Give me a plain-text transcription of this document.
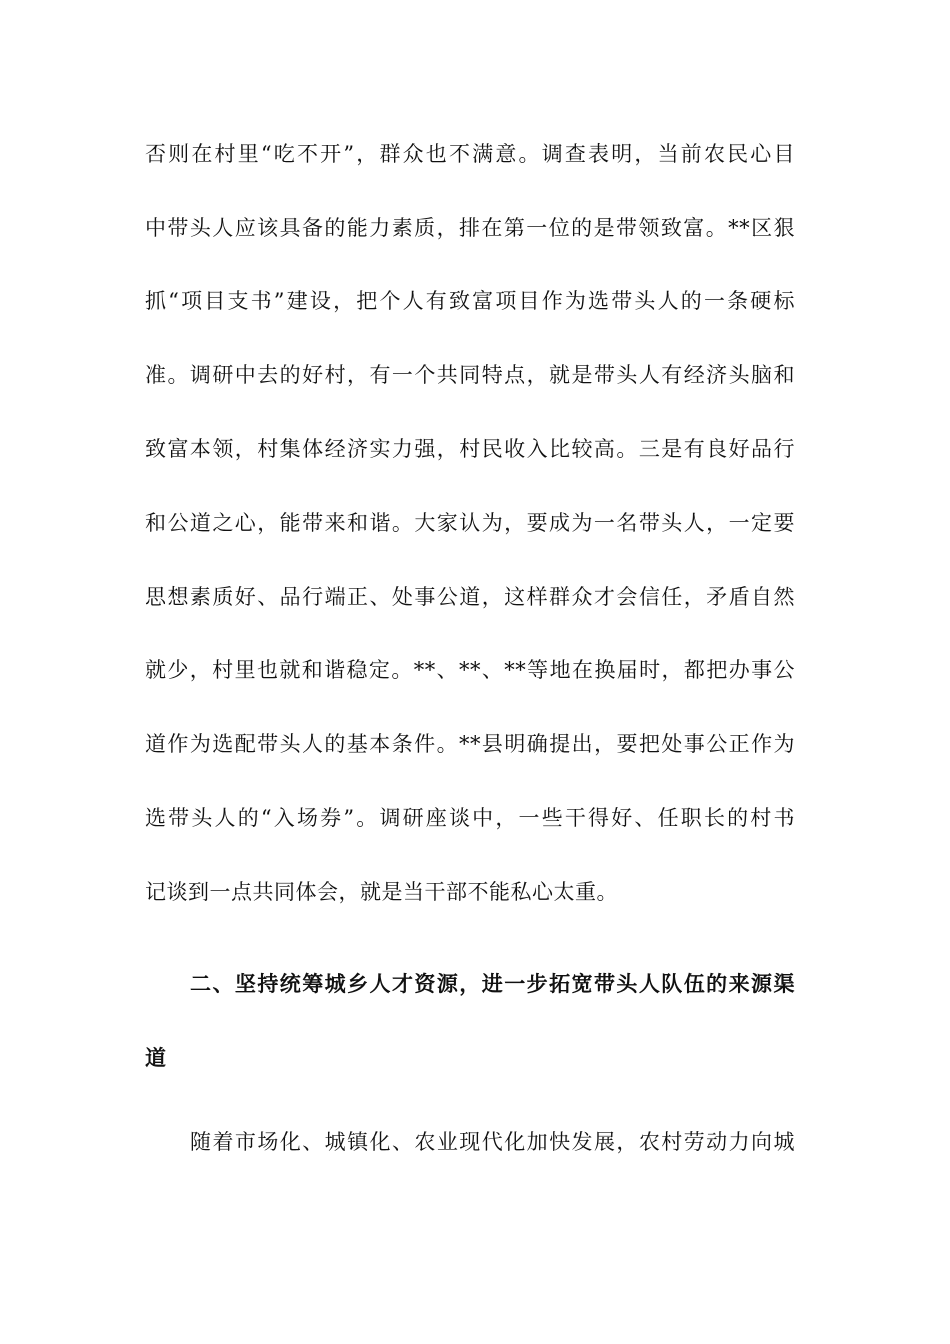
否则在村里“吃不开”，群众也不满意。调查表明，当前农民心目
中带头人应该具备的能力素质，排在第一位的是带领致富。**区狠
抓“项目支书”建设，把个人有致富项目作为选带头人的一条硬标
准。调研中去的好村，有一个共同特点，就是带头人有经济头脑和
致富本领，村集体经济实力强，村民收入比较高。三是有良好品行
和公道之心，能带来和谐。大家认为，要成为一名带头人，一定要
思想素质好、品行端正、处事公道，这样群众才会信任，矛盾自然
就少，村里也就和谐稳定。**、**、**等地在换届时，都把办事公
道作为选配带头人的基本条件。**县明确提出，要把处事公正作为
选带头人的“入场券”。调研座谈中，一些干得好、任职长的村书
记谈到一点共同体会，就是当干部不能私心太重。
二、坚持统筹城乡人才资源，进一步拓宽带头人队伍的来源渠
道
随着市场化、城镇化、农业现代化加快发展，农村劳动力向城
